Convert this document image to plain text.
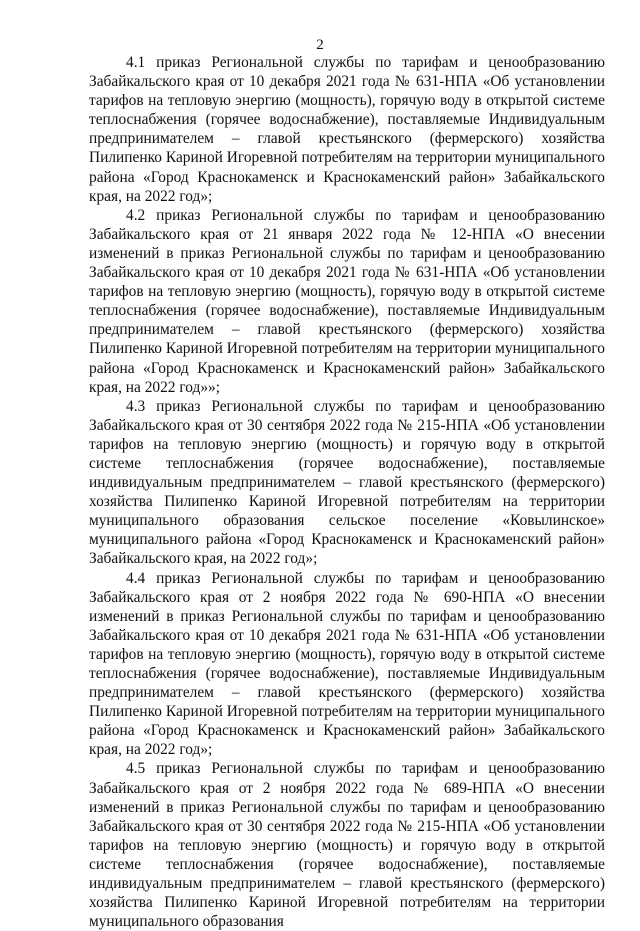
2

4.1 приказ Региональной службы по тарифам и ценообразованию Забайкальского края от 10 декабря 2021 года № 631-НПА «Об установлении тарифов на тепловую энергию (мощность), горячую воду в открытой системе теплоснабжения (горячее водоснабжение), поставляемые Индивидуальным предпринимателем – главой крестьянского (фермерского) хозяйства Пилипенко Кариной Игоревной потребителям на территории муниципального района «Город Краснокаменск и Краснокаменский район» Забайкальского края, на 2022 год»;

4.2 приказ Региональной службы по тарифам и ценообразованию Забайкальского края от 21 января 2022 года № 12-НПА «О внесении изменений в приказ Региональной службы по тарифам и ценообразованию Забайкальского края от 10 декабря 2021 года № 631-НПА «Об установлении тарифов на тепловую энергию (мощность), горячую воду в открытой системе теплоснабжения (горячее водоснабжение), поставляемые Индивидуальным предпринимателем – главой крестьянского (фермерского) хозяйства Пилипенко Кариной Игоревной потребителям на территории муниципального района «Город Краснокаменск и Краснокаменский район» Забайкальского края, на 2022 год»»;

4.3 приказ Региональной службы по тарифам и ценообразованию Забайкальского края от 30 сентября 2022 года № 215-НПА «Об установлении тарифов на тепловую энергию (мощность) и горячую воду в открытой системе теплоснабжения (горячее водоснабжение), поставляемые индивидуальным предпринимателем – главой крестьянского (фермерского) хозяйства Пилипенко Кариной Игоревной потребителям на территории муниципального образования сельское поселение «Ковылинское» муниципального района «Город Краснокаменск и Краснокаменский район» Забайкальского края, на 2022 год»;

4.4 приказ Региональной службы по тарифам и ценообразованию Забайкальского края от 2 ноября 2022 года № 690-НПА «О внесении изменений в приказ Региональной службы по тарифам и ценообразованию Забайкальского края от 10 декабря 2021 года № 631-НПА «Об установлении тарифов на тепловую энергию (мощность), горячую воду в открытой системе теплоснабжения (горячее водоснабжение), поставляемые Индивидуальным предпринимателем – главой крестьянского (фермерского) хозяйства Пилипенко Кариной Игоревной потребителям на территории муниципального района «Город Краснокаменск и Краснокаменский район» Забайкальского края, на 2022 год»;

4.5 приказ Региональной службы по тарифам и ценообразованию Забайкальского края от 2 ноября 2022 года № 689-НПА «О внесении изменений в приказ Региональной службы по тарифам и ценообразованию Забайкальского края от 30 сентября 2022 года № 215-НПА «Об установлении тарифов на тепловую энергию (мощность) и горячую воду в открытой системе теплоснабжения (горячее водоснабжение), поставляемые индивидуальным предпринимателем – главой крестьянского (фермерского) хозяйства Пилипенко Кариной Игоревной потребителям на территории муниципального образования
